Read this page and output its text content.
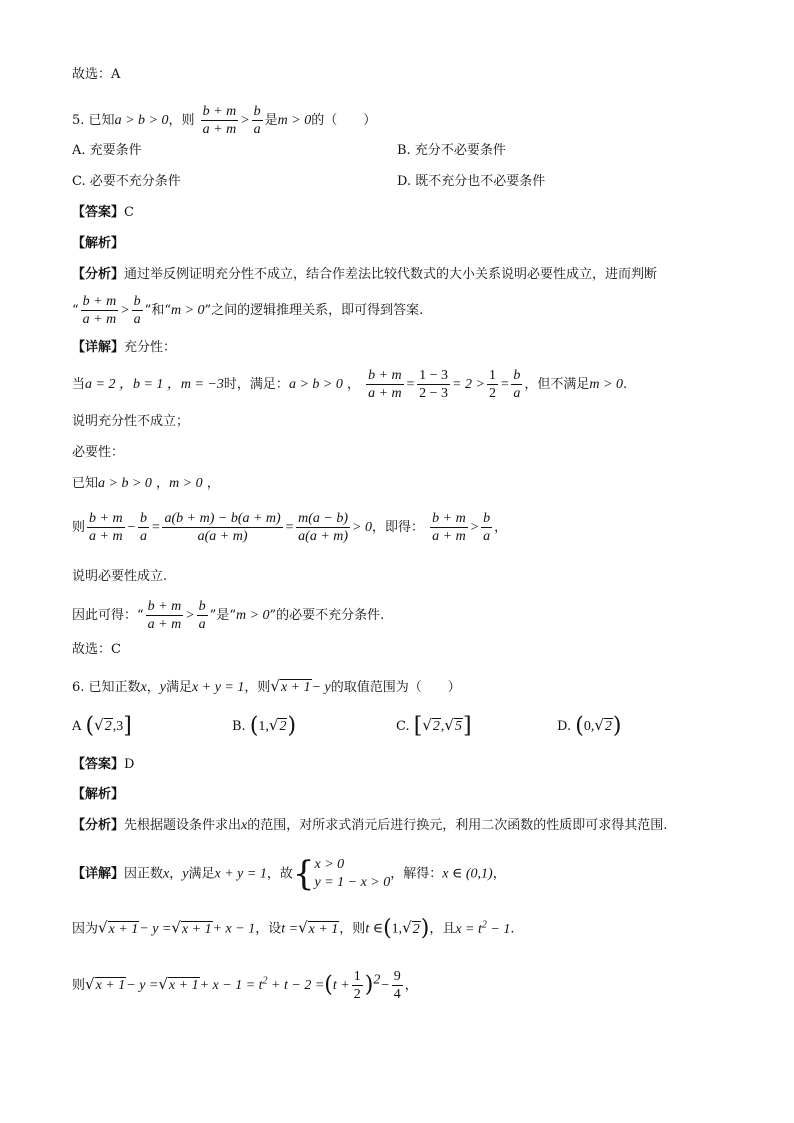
故选：A
5. 已知a > b > 0，则 $\frac{b + m}{a + m} > \frac{b}{a}$ 是m > 0的（　　）
A. 充要条件	B. 充分不必要条件
C. 必要不充分条件	D. 既不充分也不必要条件
【答案】C
【解析】
【分析】通过举反例证明充分性不成立，结合作差法比较代数式的大小关系说明必要性成立，进而判断
“ $\frac{b + m}{a + m} > \frac{b}{a}$ ”和“m > 0”之间的逻辑推理关系，即可得到答案.
【详解】充分性：
当a = 2 ，b = 1 ，m = −3时，满足：a > b > 0 ， $\frac{b + m}{a + m} = \frac{1 - 3}{2 - 3} = 2 > \frac{1}{2} = \frac{b}{a}$ ，但不满足m > 0.
说明充分性不成立；
必要性：
已知a > b > 0 ，m > 0 ，
则 $\frac{b + m}{a + m} - \frac{b}{a} = \frac{a(b + m) - b(a + m)}{a(a + m)} = \frac{m(a - b)}{a(a + m)} > 0$，即得： $\frac{b + m}{a + m} > \frac{b}{a}$ ，
说明必要性成立.
因此可得：“ $\frac{b + m}{a + m} > \frac{b}{a}$ ”是“m > 0”的必要不充分条件.
故选：C
6. 已知正数x，y满足x + y = 1，则√x + 1− y的取值范围为（　　）
A (√2,3]	B. (1,√2)	C. [√2,√5]	D. (0,√2)
【答案】D
【解析】
【分析】先根据题设条件求出x的范围，对所求式消元后进行换元，利用二次函数的性质即可求得其范围.
【详解】因正数x，y满足x + y = 1，故{ x > 0
y = 1 − x > 0
，解得：x ∈ (0,1)，
因为√x + 1− y =√x + 1+ x − 1，设t =√x + 1，则t ∈(1,√2)，且$x = t^2 - 1$.
则$√x + 1- y =√x + 1+ x - 1 = t^2 + t - 2 =(t + \frac{1}{2} )^2- \frac{9}{4}$ ，
